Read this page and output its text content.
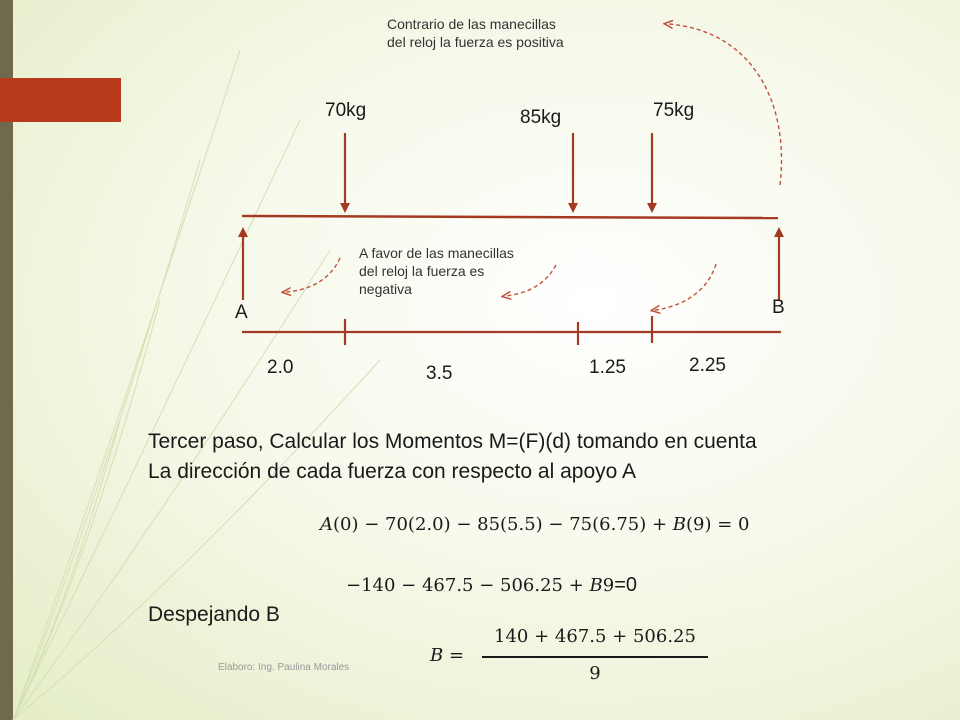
Contrario de las manecillas
del reloj la fuerza es positiva
A favor de las manecillas
del reloj la fuerza es
negativa
70kg	85kg	75kg
A	B
2.0	3.5	1.25	2.25
Tercer paso, Calcular los Momentos M=(F)(d) tomando en cuenta
La dirección de cada fuerza con respecto al apoyo A
𝐴(0) − 70(2.0) − 85(5.5) − 75(6.75) + 𝐵(9) = 0
−140 − 467.5 − 506.25 + 𝐵9=0
Despejando B
𝐵 =
140 + 467.5 + 506.25
9
Elaboro: Ing. Paulina Morales
